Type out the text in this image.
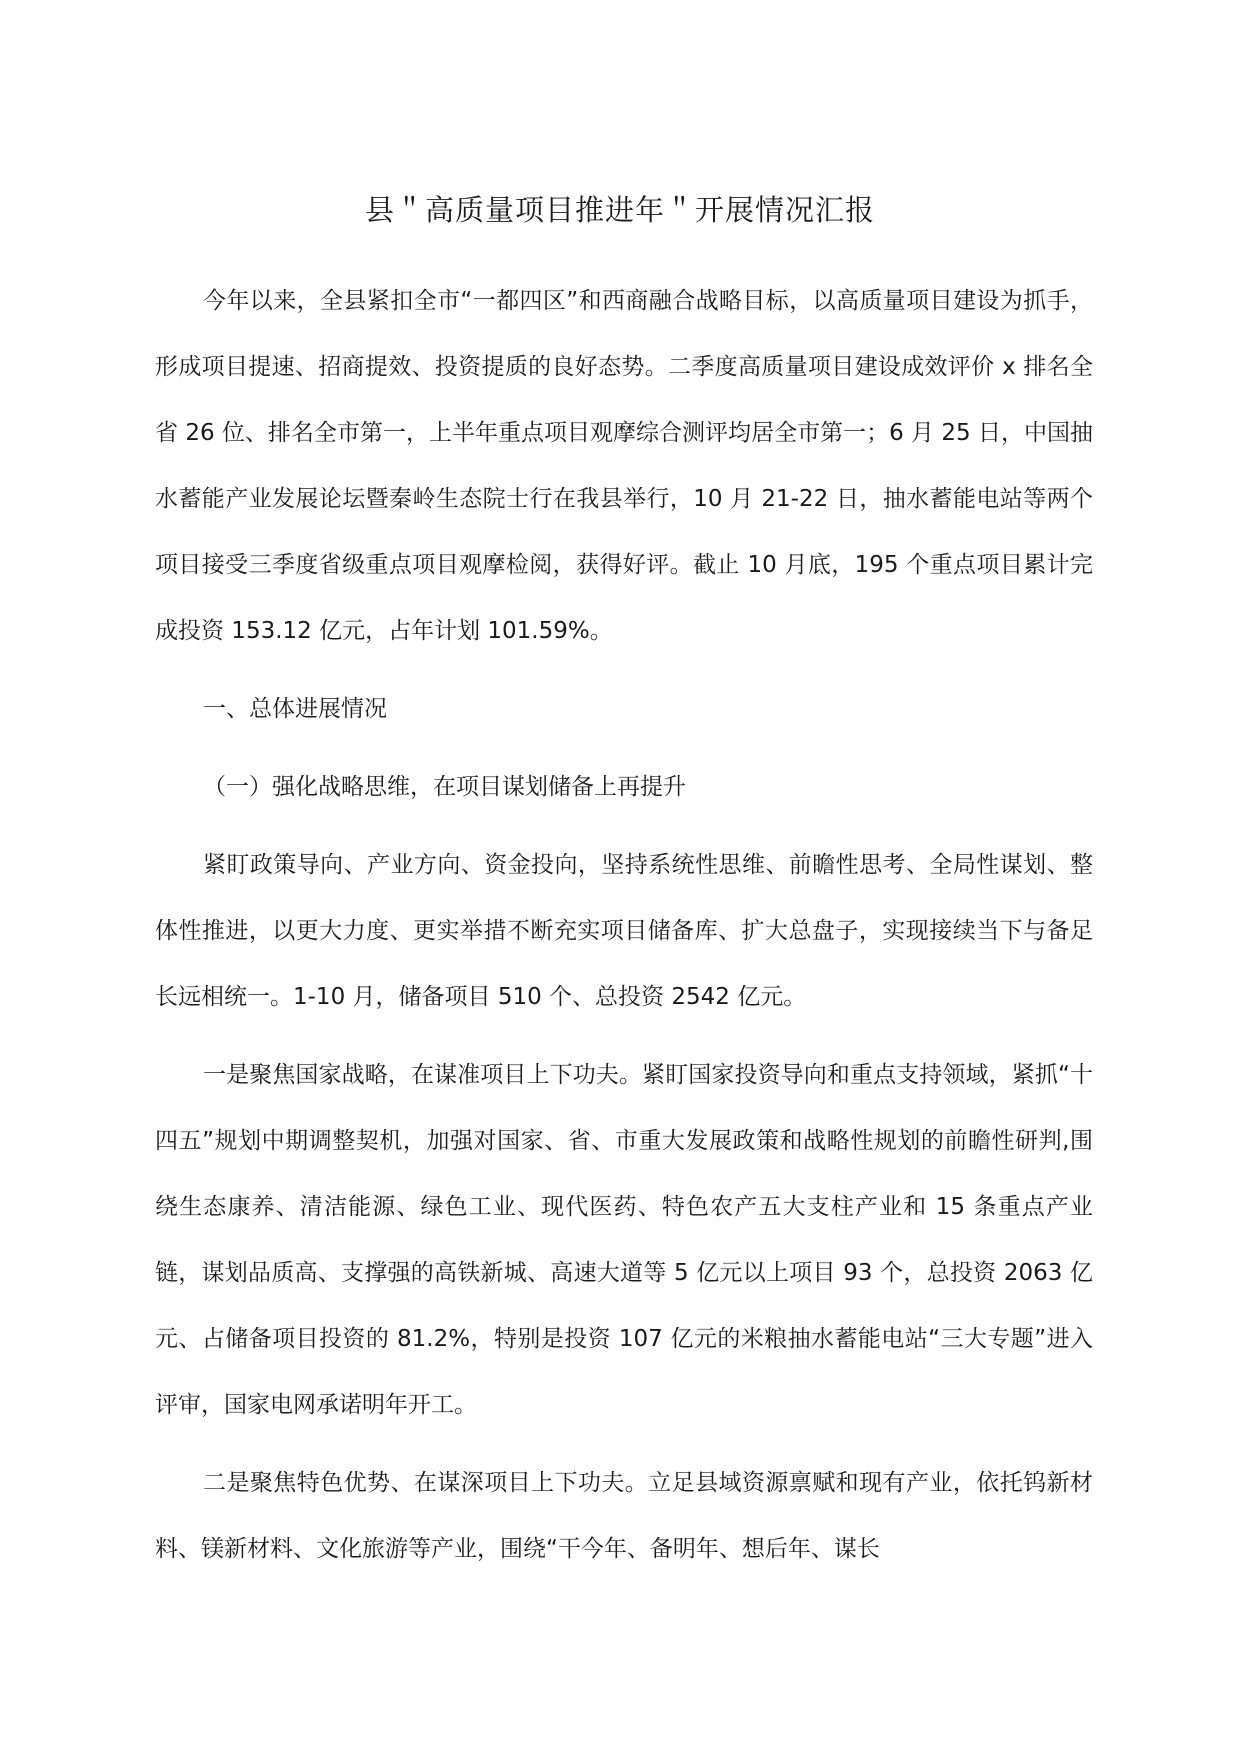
县＂高质量项目推进年＂开展情况汇报

今年以来，全县紧扣全市“一都四区”和西商融合战略目标，以高质量项目建设为抓手，形成项目提速、招商提效、投资提质的良好态势。二季度高质量项目建设成效评价 x 排名全省 26 位、排名全市第一，上半年重点项目观摩综合测评均居全市第一；6 月 25 日，中国抽水蓄能产业发展论坛暨秦岭生态院士行在我县举行，10 月 21-22 日，抽水蓄能电站等两个项目接受三季度省级重点项目观摩检阅，获得好评。截止 10 月底，195 个重点项目累计完成投资 153.12 亿元，占年计划 101.59%。

一、总体进展情况

（一）强化战略思维，在项目谋划储备上再提升

紧盯政策导向、产业方向、资金投向，坚持系统性思维、前瞻性思考、全局性谋划、整体性推进，以更大力度、更实举措不断充实项目储备库、扩大总盘子，实现接续当下与备足长远相统一。1-10 月，储备项目 510 个、总投资 2542 亿元。

一是聚焦国家战略，在谋准项目上下功夫。紧盯国家投资导向和重点支持领域，紧抓“十四五”规划中期调整契机，加强对国家、省、市重大发展政策和战略性规划的前瞻性研判,围绕生态康养、清洁能源、绿色工业、现代医药、特色农产五大支柱产业和 15 条重点产业链，谋划品质高、支撑强的高铁新城、高速大道等 5 亿元以上项目 93 个，总投资 2063 亿元、占储备项目投资的 81.2%，特别是投资 107 亿元的米粮抽水蓄能电站“三大专题”进入评审，国家电网承诺明年开工。

二是聚焦特色优势、在谋深项目上下功夫。立足县域资源禀赋和现有产业，依托钨新材料、镁新材料、文化旅游等产业，围绕“干今年、备明年、想后年、谋长
